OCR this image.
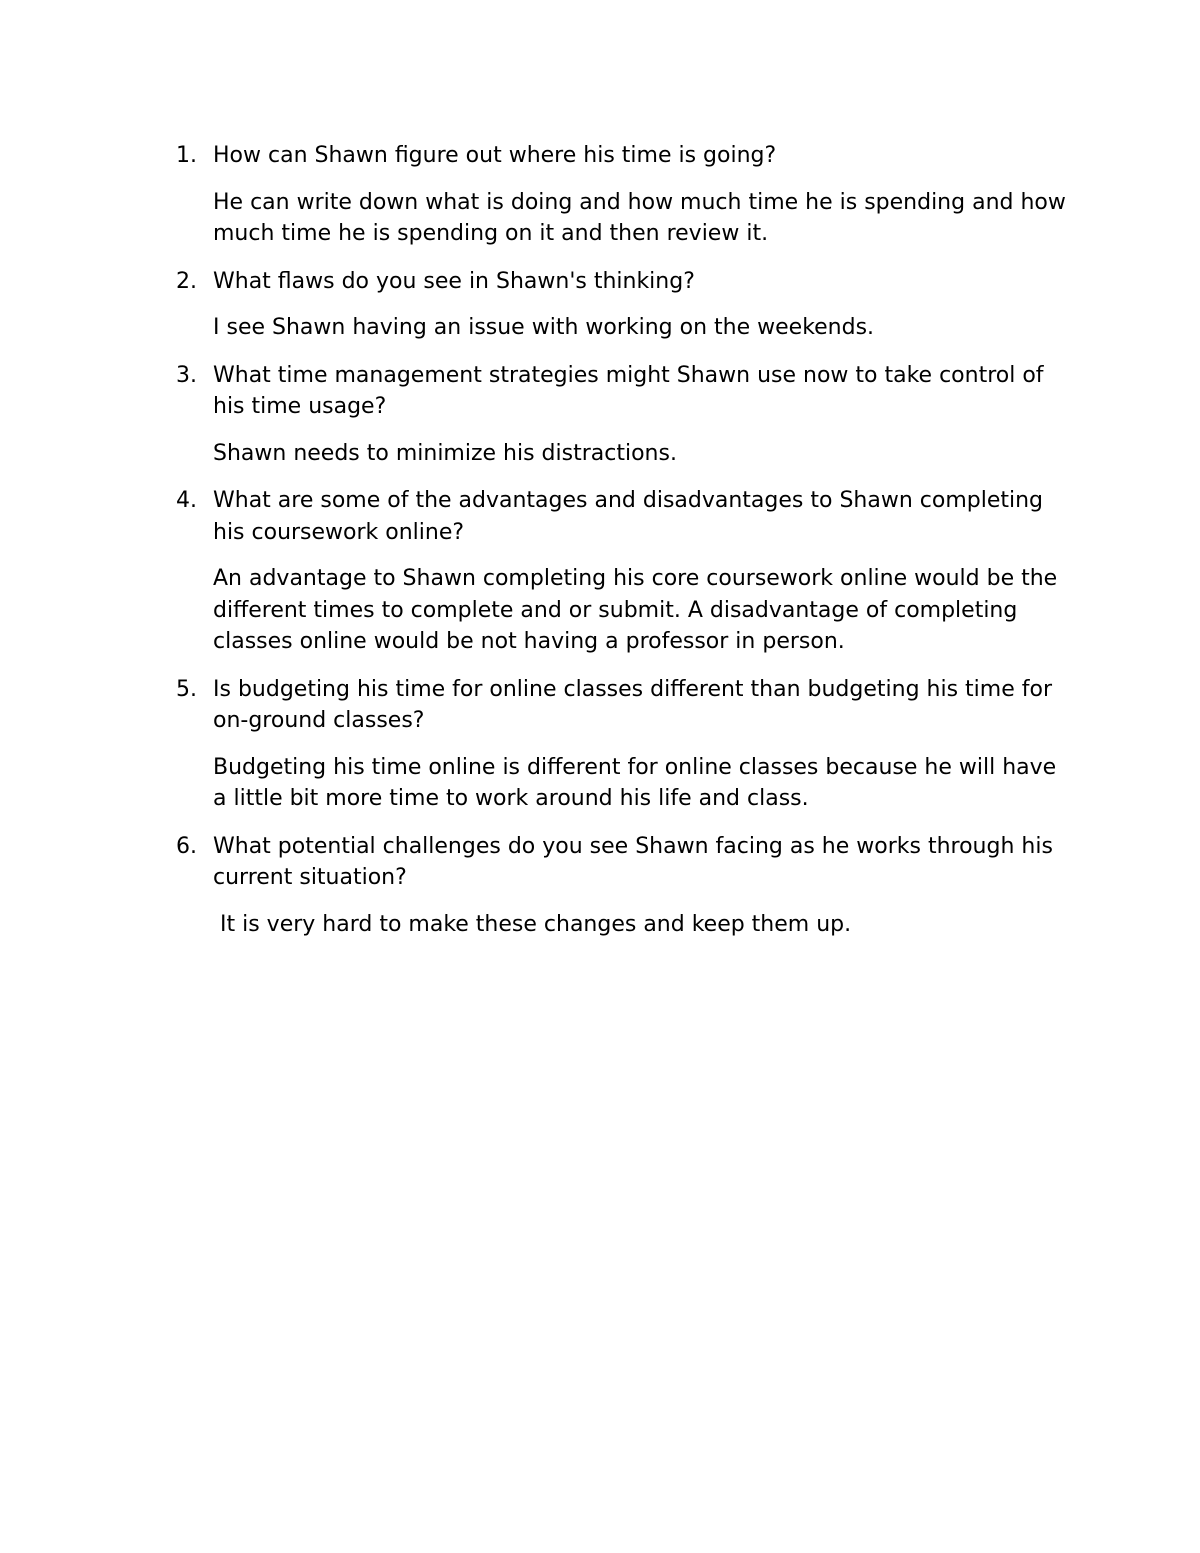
1. How can Shawn figure out where his time is going?

He can write down what is doing and how much time he is spending and how much time he is spending on it and then review it.

2. What flaws do you see in Shawn's thinking?

I see Shawn having an issue with working on the weekends.

3. What time management strategies might Shawn use now to take control of his time usage?

Shawn needs to minimize his distractions.

4. What are some of the advantages and disadvantages to Shawn completing his coursework online?

An advantage to Shawn completing his core coursework online would be the different times to complete and or submit. A disadvantage of completing classes online would be not having a professor in person.

5. Is budgeting his time for online classes different than budgeting his time for on-ground classes?

Budgeting his time online is different for online classes because he will have a little bit more time to work around his life and class.

6. What potential challenges do you see Shawn facing as he works through his current situation?

It is very hard to make these changes and keep them up.
